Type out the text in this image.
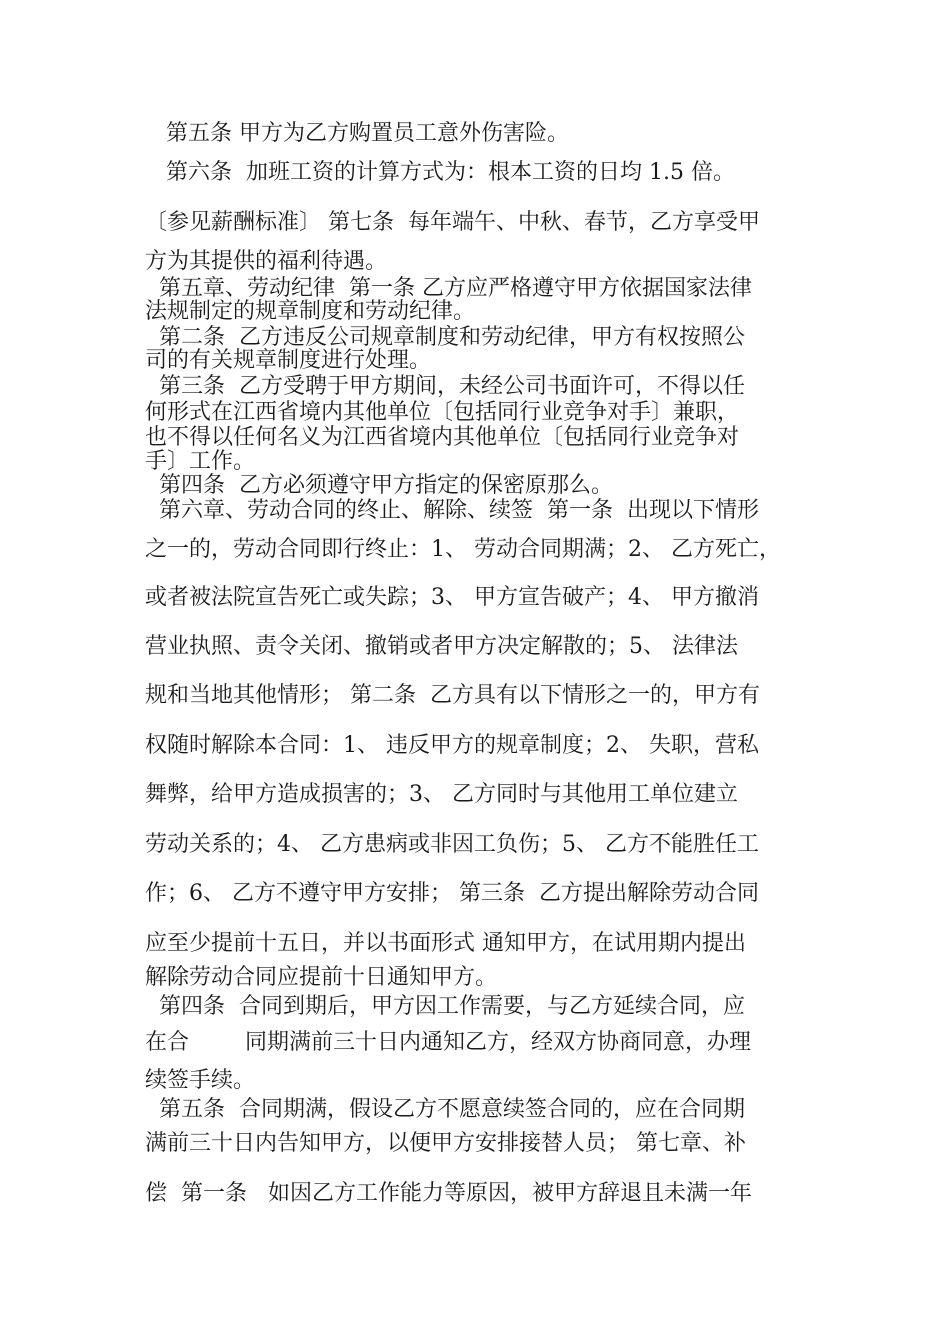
第五条 甲方为乙方购置员工意外伤害险。
第六条  加班工资的计算方式为：根本工资的日均 1.5 倍。
〔参见薪酬标准〕 第七条  每年端午、中秋、春节，乙方享受甲
方为其提供的福利待遇。
第五章、劳动纪律  第一条 乙方应严格遵守甲方依据国家法律
法规制定的规章制度和劳动纪律。
第二条  乙方违反公司规章制度和劳动纪律，甲方有权按照公
司的有关规章制度进行处理。
第三条  乙方受聘于甲方期间，未经公司书面许可，不得以任
何形式在江西省境内其他单位〔包括同行业竞争对手〕兼职，
也不得以任何名义为江西省境内其他单位〔包括同行业竞争对
手〕工作。
第四条  乙方必须遵守甲方指定的保密原那么。
第六章、劳动合同的终止、解除、续签  第一条  出现以下情形
之一的，劳动合同即行终止：1、 劳动合同期满；2、 乙方死亡，
或者被法院宣告死亡或失踪；3、 甲方宣告破产；4、 甲方撤消
营业执照、责令关闭、撤销或者甲方决定解散的；5、 法律法
规和当地其他情形； 第二条  乙方具有以下情形之一的，甲方有
权随时解除本合同：1、 违反甲方的规章制度；2、 失职，营私
舞弊，给甲方造成损害的；3、 乙方同时与其他用工单位建立
劳动关系的；4、 乙方患病或非因工负伤；5、 乙方不能胜任工
作；6、 乙方不遵守甲方安排； 第三条  乙方提出解除劳动合同
应至少提前十五日，并以书面形式 通知甲方，在试用期内提出
解除劳动合同应提前十日通知甲方。
第四条  合同到期后，甲方因工作需要，与乙方延续合同，应
在合        同期满前三十日内通知乙方，经双方协商同意，办理
续签手续。
第五条  合同期满，假设乙方不愿意续签合同的，应在合同期
满前三十日内告知甲方，以便甲方安排接替人员； 第七章、补
偿  第一条   如因乙方工作能力等原因，被甲方辞退且未满一年
